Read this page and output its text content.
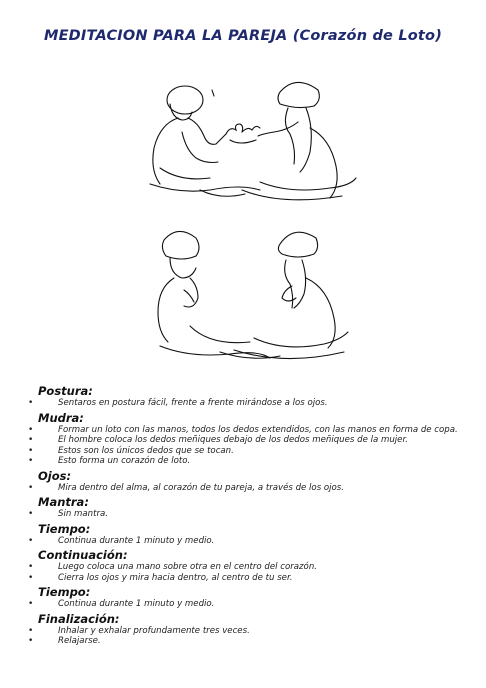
MEDITACION PARA LA PAREJA (Corazón de Loto)
Postura:
• Sentaros en postura fácil, frente a frente mirándose a los ojos.
Mudra:
• Formar un loto con las manos, todos los dedos extendidos, con las manos en forma de copa.
• El hombre coloca los dedos meñiques debajo de los dedos meñiques de la mujer.
• Estos son los únicos dedos que se tocan.
• Esto forma un corazón de loto.
Ojos:
• Mira dentro del alma, al corazón de tu pareja, a través de los ojos.
Mantra:
• Sin mantra.
Tiempo:
• Continua durante 1 minuto y medio.
Continuación:
• Luego coloca una mano sobre otra en el centro del corazón.
• Cierra los ojos y mira hacia dentro, al centro de tu ser.
Tiempo:
• Continua durante 1 minuto y medio.
Finalización:
• Inhalar y exhalar profundamente tres veces.
• Relajarse.
